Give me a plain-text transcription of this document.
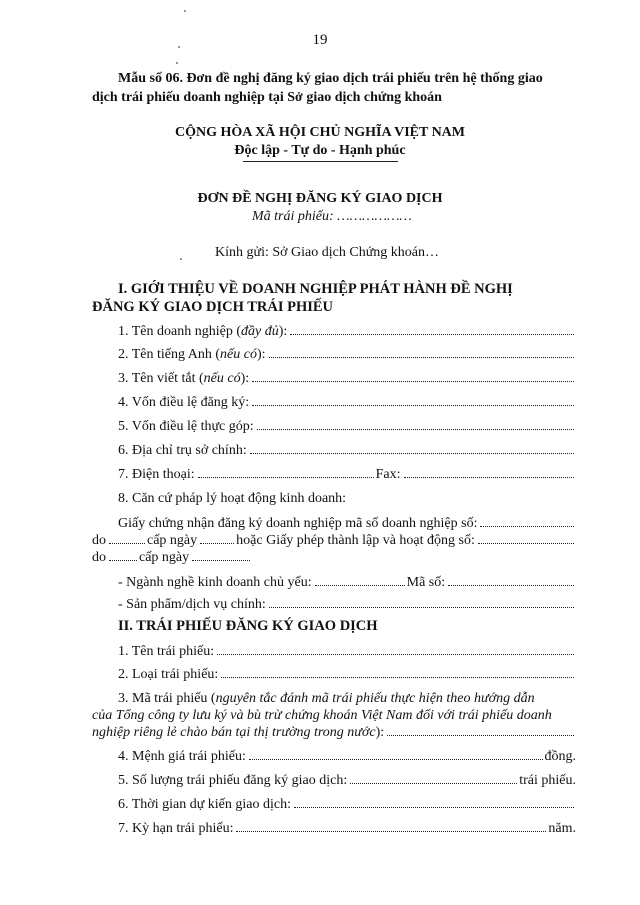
19
Mẫu số 06. Đơn đề nghị đăng ký giao dịch trái phiếu trên hệ thống giao
dịch trái phiếu doanh nghiệp tại Sở giao dịch chứng khoán
CỘNG HÒA XÃ HỘI CHỦ NGHĨA VIỆT NAM
Độc lập - Tự do - Hạnh phúc
ĐƠN ĐỀ NGHỊ ĐĂNG KÝ GIAO DỊCH
Mã trái phiếu: ………………
Kính gửi: Sở Giao dịch Chứng khoán…
I. GIỚI THIỆU VỀ DOANH NGHIỆP PHÁT HÀNH ĐỀ NGHỊ
ĐĂNG KÝ GIAO DỊCH TRÁI PHIẾU
1. Tên doanh nghiệp ( đầy đủ ):
2. Tên tiếng Anh ( nếu có ):
3. Tên viết tắt ( nếu có ):
4. Vốn điều lệ đăng ký:
5. Vốn điều lệ thực góp:
6. Địa chỉ trụ sở chính:
7. Điện thoại:	Fax:
8. Căn cứ pháp lý hoạt động kinh doanh:
Giấy chứng nhận đăng ký doanh nghiệp mã số doanh nghiệp số:
do	cấp ngày	hoặc Giấy phép thành lập và hoạt động số:
do cấp ngày
- Ngành nghề kinh doanh chủ yếu:	Mã số:
- Sản phẩm/dịch vụ chính:
II. TRÁI PHIẾU ĐĂNG KÝ GIAO DỊCH
1. Tên trái phiếu:
2. Loại trái phiếu:
3. Mã trái phiếu ( nguyên tắc đánh mã trái phiếu thực hiện theo hướng dẫn
của Tổng công ty lưu ký và bù trừ chứng khoán Việt Nam đối với trái phiếu doanh
nghiệp riêng lẻ chào bán tại thị trường trong nước ):
4. Mệnh giá trái phiếu:	đồng.
5. Số lượng trái phiếu đăng ký giao dịch:	trái phiếu.
6. Thời gian dự kiến giao dịch:
7. Kỳ hạn trái phiếu:	năm.
